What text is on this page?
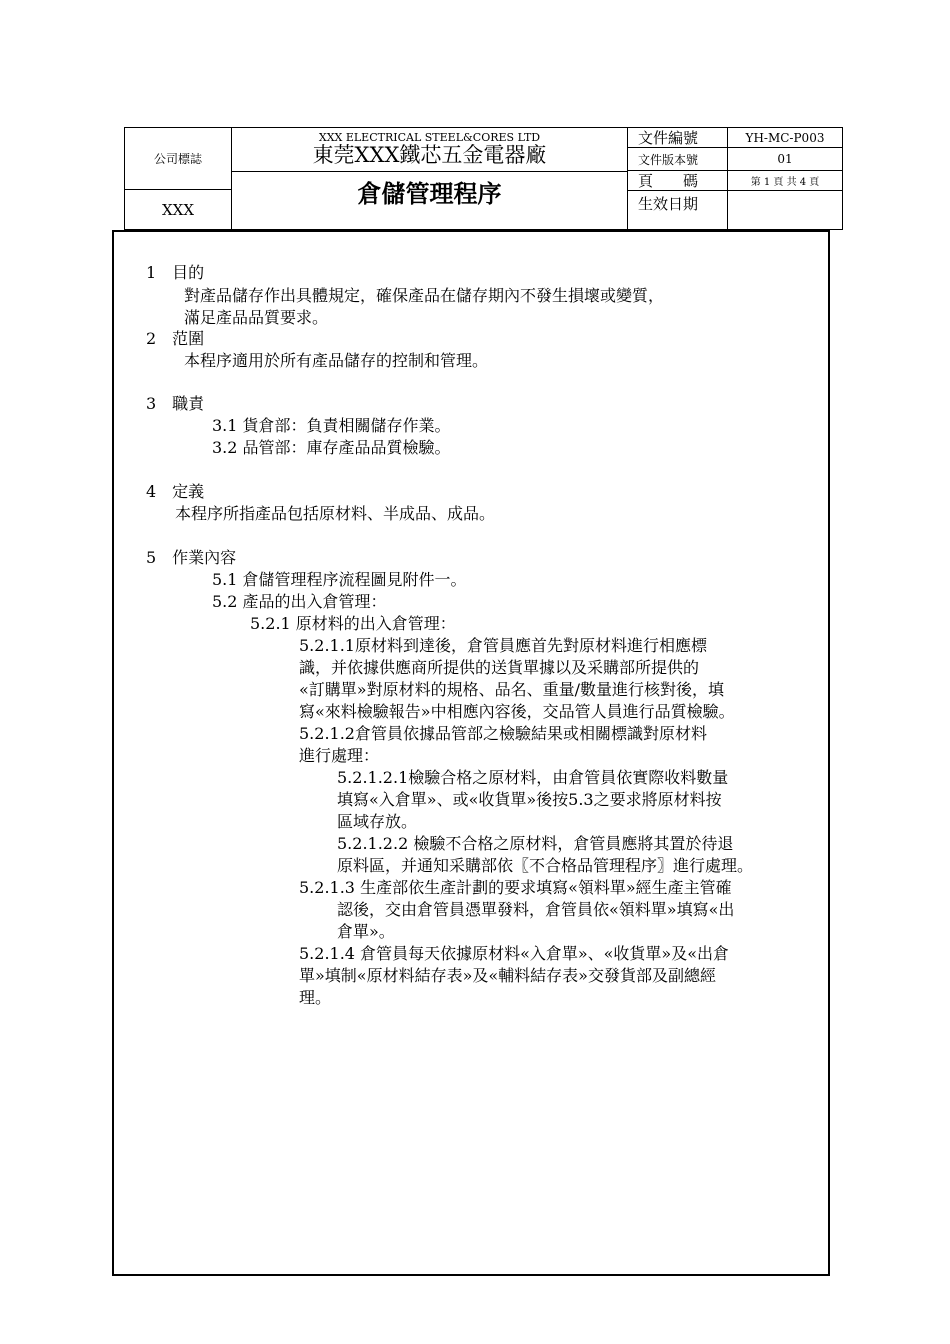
公司標誌
XXX
XXX ELECTRICAL STEEL&CORES LTD
東莞XXX鐵芯五金電器廠
倉儲管理程序
文件編號	YH-MC-P003
文件版本號	01
頁　　碼	第 1 頁 共 4 頁
生效日期
1　目的
對產品儲存作出具體規定，確保產品在儲存期內不發生損壞或變質，
滿足產品品質要求。
2　范圍
本程序適用於所有產品儲存的控制和管理。
3　職責
3.1 貨倉部：負責相關儲存作業。
3.2 品管部：庫存產品品質檢驗。
4　定義
本程序所指產品包括原材料、半成品、成品。
5　作業內容
5.1 倉儲管理程序流程圖見附件一。
5.2 產品的出入倉管理：
5.2.1 原材料的出入倉管理：
5.2.1.1原材料到達後，倉管員應首先對原材料進行相應標
識，并依據供應商所提供的送貨單據以及采購部所提供的
«訂購單»對原材料的規格、品名、重量/數量進行核對後，填
寫«來料檢驗報告»中相應內容後，交品管人員進行品質檢驗。
5.2.1.2倉管員依據品管部之檢驗結果或相關標識對原材料
進行處理：
5.2.1.2.1檢驗合格之原材料，由倉管員依實際收料數量
填寫«入倉單»、或«收貨單»後按5.3之要求將原材料按
區域存放。
5.2.1.2.2 檢驗不合格之原材料，倉管員應將其置於待退
原料區，并通知采購部依〖不合格品管理程序〗進行處理。
5.2.1.3 生產部依生產計劃的要求填寫«領料單»經生產主管確
認後，交由倉管員憑單發料，倉管員依«領料單»填寫«出
倉單»。
5.2.1.4 倉管員每天依據原材料«入倉單»、«收貨單»及«出倉
單»填制«原材料結存表»及«輔料結存表»交發貨部及副總經
理。
